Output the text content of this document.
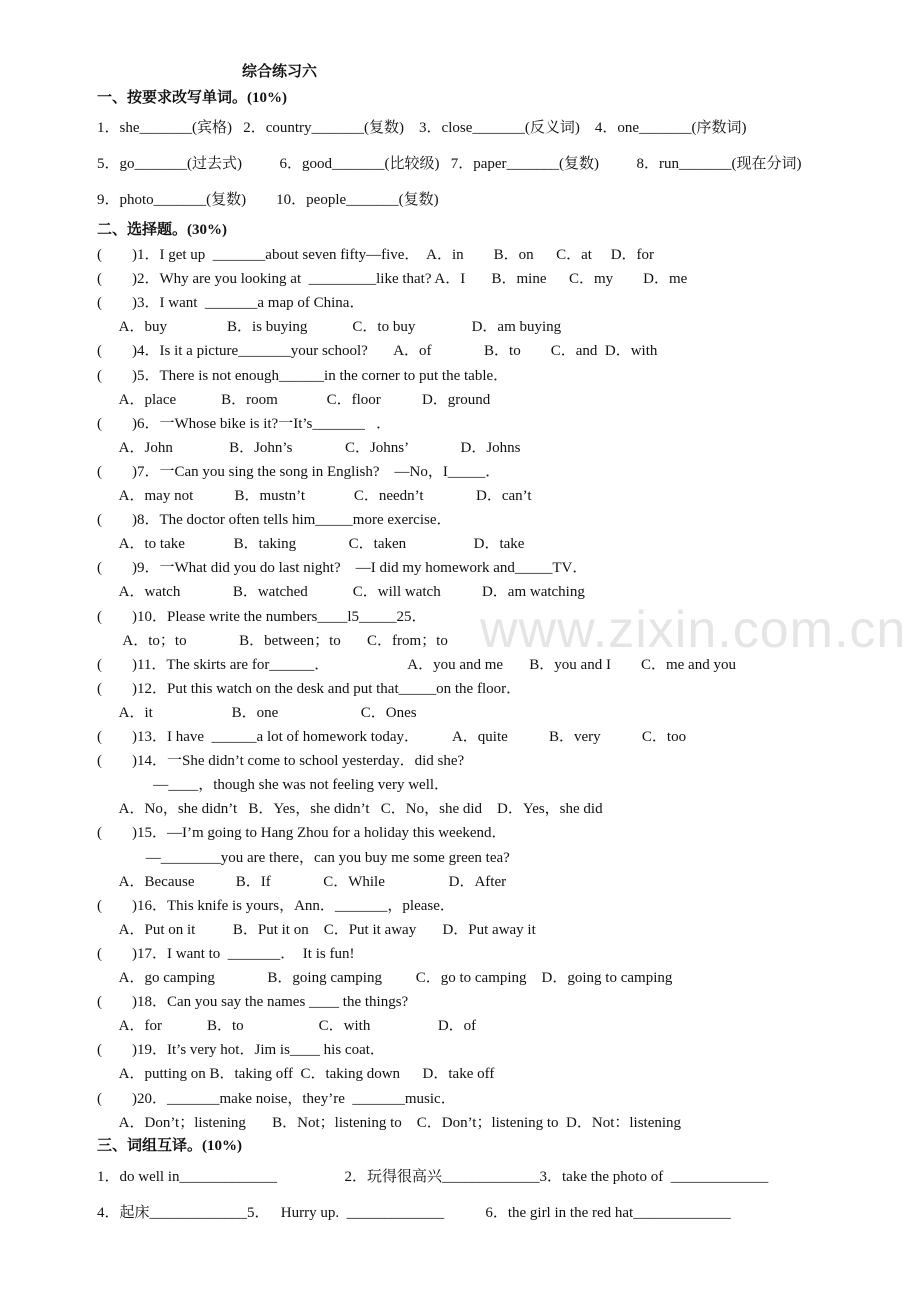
综合练习六
一、按要求改写单词。(10%)
1．she_______(宾格)   2．country_______(复数)    3．close_______(反义词)    4．one_______(序数词)
5．go_______(过去式)          6．good_______(比较级)   7．paper_______(复数)          8．run_______(现在分词)
9．photo_______(复数)        10．people_______(复数)
二、选择题。(30%)
(        )1．I get up  _______about seven fifty—five．  A．in        B．on      C．at     D．for
(        )2．Why are you looking at  _________like that? A．I       B．mine      C．my        D．me
(        )3．I want  _______a map of China．
A．buy                B．is buying            C．to buy               D．am buying
(        )4．Is it a picture_______your school?       A．of              B．to        C．and  D．with
(        )5．There is not enough______in the corner to put the table．
A．place            B．room             C．floor           D．ground
(        )6．一Whose bike is it?一It’s_______   ．
A．John               B．John’s              C．Johns’              D．Johns
(        )7．一Can you sing the song in English?    —No，I_____．
A．may not           B．mustn’t             C．needn’t              D．can’t
(        )8．The doctor often tells him_____more exercise．
A．to take             B．taking              C．taken                  D．take
(        )9．一What did you do last night?    —I did my homework and_____TV．
A．watch              B．watched            C．will watch           D．am watching
(        )10．Please write the numbers____l5_____25．
A．to；to              B．between；to       C．from；to
(        )11．The skirts are for______．                     A．you and me       B．you and I        C．me and you
(        )12．Put this watch on the desk and put that_____on the floor．
A．it                     B．one                      C．Ones
(        )13．I have  ______a lot of homework today．         A．quite           B．very           C．too
(        )14．一She didn’t come to school yesterday．did she?
—____，though she was not feeling very well．
A．No，she didn’t   B．Yes，she didn’t   C．No，she did    D．Yes，she did
(        )15．—I’m going to Hang Zhou for a holiday this weekend．
—________you are there，can you buy me some green tea?
A．Because           B．If              C．While                 D．After
(        )16．This knife is yours，Ann．_______，please．
A．Put on it          B．Put it on    C．Put it away       D．Put away it
(        )17．I want to  _______．  It is fun!
A．go camping              B．going camping         C．go to camping    D．going to camping
(        )18．Can you say the names ____ the things?
A．for            B．to                    C．with                  D．of
(        )19．It’s very hot．Jim is____ his coat．
A．putting on B．taking off  C．taking down      D．take off
(        )20．_______make noise，they’re  _______music．
A．Don’t；listening       B．Not；listening to    C．Don’t；listening to  D．Not：listening
三、词组互译。(10%)
1．do well in_____________                  2．玩得很高兴_____________3．take the photo of  _____________
4．起床_____________5．   Hurry up.  _____________           6．the girl in the red hat_____________
www.zixin.com.cn
